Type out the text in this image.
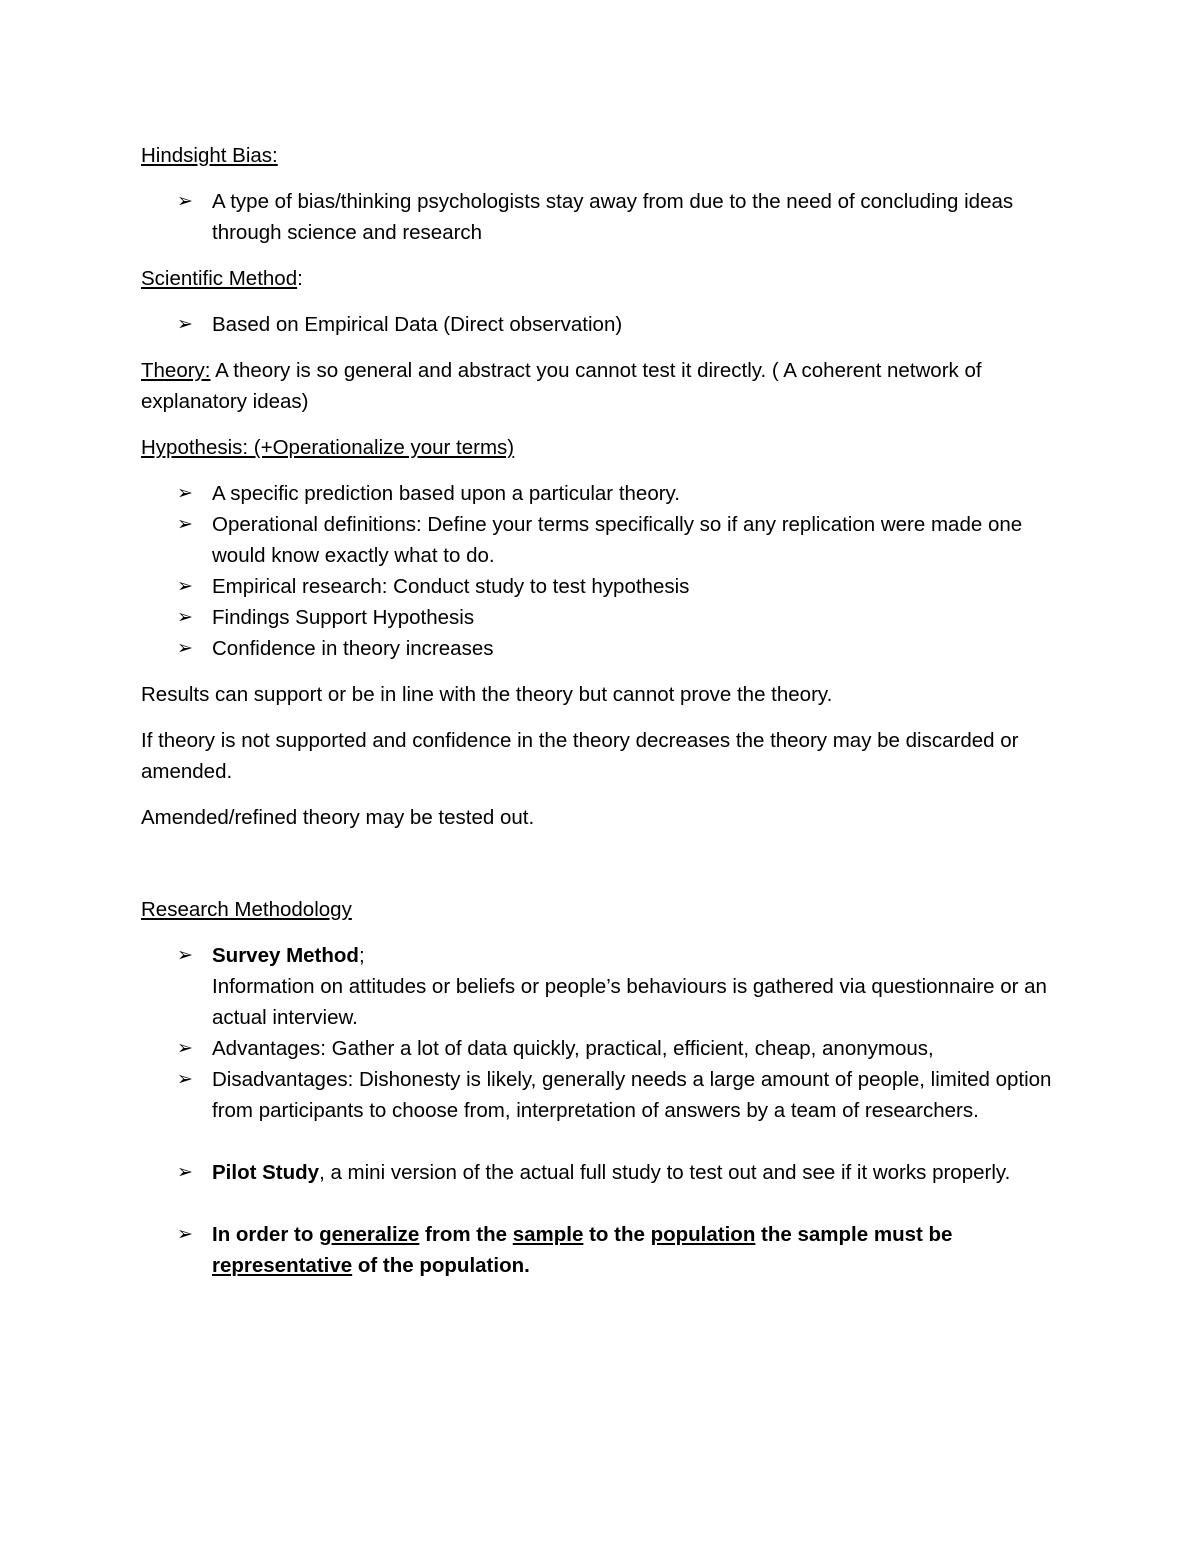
Hindsight Bias:

➢ A type of bias/thinking psychologists stay away from due to the need of concluding ideas through science and research

Scientific Method:

➢ Based on Empirical Data (Direct observation)

Theory: A theory is so general and abstract you cannot test it directly. ( A coherent network of explanatory ideas)

Hypothesis: (+Operationalize your terms)

➢ A specific prediction based upon a particular theory.
➢ Operational definitions: Define your terms specifically so if any replication were made one would know exactly what to do.
➢ Empirical research: Conduct study to test hypothesis
➢ Findings Support Hypothesis
➢ Confidence in theory increases

Results can support or be in line with the theory but cannot prove the theory.

If theory is not supported and confidence in the theory decreases the theory may be discarded or amended.

Amended/refined theory may be tested out.

Research Methodology

➢ Survey Method;
Information on attitudes or beliefs or people’s behaviours is gathered via questionnaire or an actual interview.
➢ Advantages: Gather a lot of data quickly, practical, efficient, cheap, anonymous,
➢ Disadvantages: Dishonesty is likely, generally needs a large amount of people, limited option from participants to choose from, interpretation of answers by a team of researchers.
➢ Pilot Study, a mini version of the actual full study to test out and see if it works properly.
➢ In order to generalize from the sample to the population the sample must be representative of the population.
